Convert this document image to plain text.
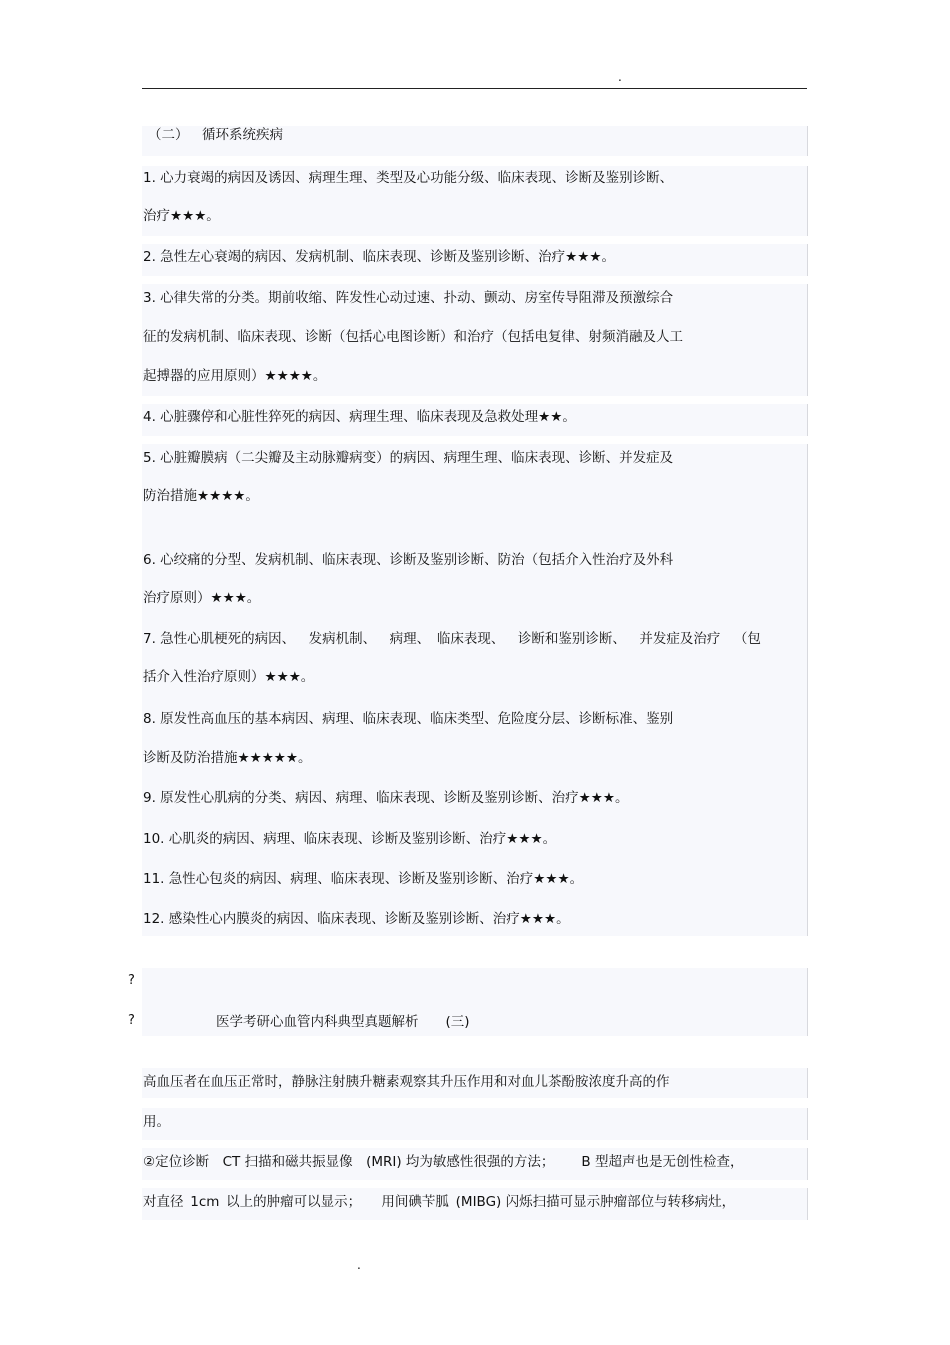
.
（二） 循环系统疾病
1. 心力衰竭的病因及诱因、病理生理、类型及心功能分级、临床表现、诊断及鉴别诊断、
治疗★★★。
2. 急性左心衰竭的病因、发病机制、临床表现、诊断及鉴别诊断、治疗★★★。
3. 心律失常的分类。期前收缩、阵发性心动过速、扑动、颤动、房室传导阻滞及预激综合
征的发病机制、临床表现、诊断（包括心电图诊断）和治疗（包括电复律、射频消融及人工
起搏器的应用原则）★★★★。
4. 心脏骤停和心脏性猝死的病因、病理生理、临床表现及急救处理★★。
5. 心脏瓣膜病（二尖瓣及主动脉瓣病变）的病因、病理生理、临床表现、诊断、并发症及
防治措施★★★★。
6. 心绞痛的分型、发病机制、临床表现、诊断及鉴别诊断、防治（包括介入性治疗及外科
治疗原则）★★★。
7. 急性心肌梗死的病因、 发病机制、 病理、 临床表现、 诊断和鉴别诊断、 并发症及治疗 （包
括介入性治疗原则）★★★。
8. 原发性高血压的基本病因、病理、临床表现、临床类型、危险度分层、诊断标准、鉴别
诊断及防治措施★★★★★。
9. 原发性心肌病的分类、病因、病理、临床表现、诊断及鉴别诊断、治疗★★★。
10. 心肌炎的病因、病理、临床表现、诊断及鉴别诊断、治疗★★★。
11. 急性心包炎的病因、病理、临床表现、诊断及鉴别诊断、治疗★★★。
12. 感染性心内膜炎的病因、临床表现、诊断及鉴别诊断、治疗★★★。
?
?	医学考研心血管内科典型真题解析  (三)
高血压者在血压正常时，静脉注射胰升糖素观察其升压作用和对血儿茶酚胺浓度升高的作
用。
②定位诊断 CT 扫描和磁共振显像 (MRI) 均为敏感性很强的方法；  B 型超声也是无创性检查，
对直径 1cm 以上的肿瘤可以显示；  用间碘苄胍 (MIBG) 闪烁扫描可显示肿瘤部位与转移病灶，
.
